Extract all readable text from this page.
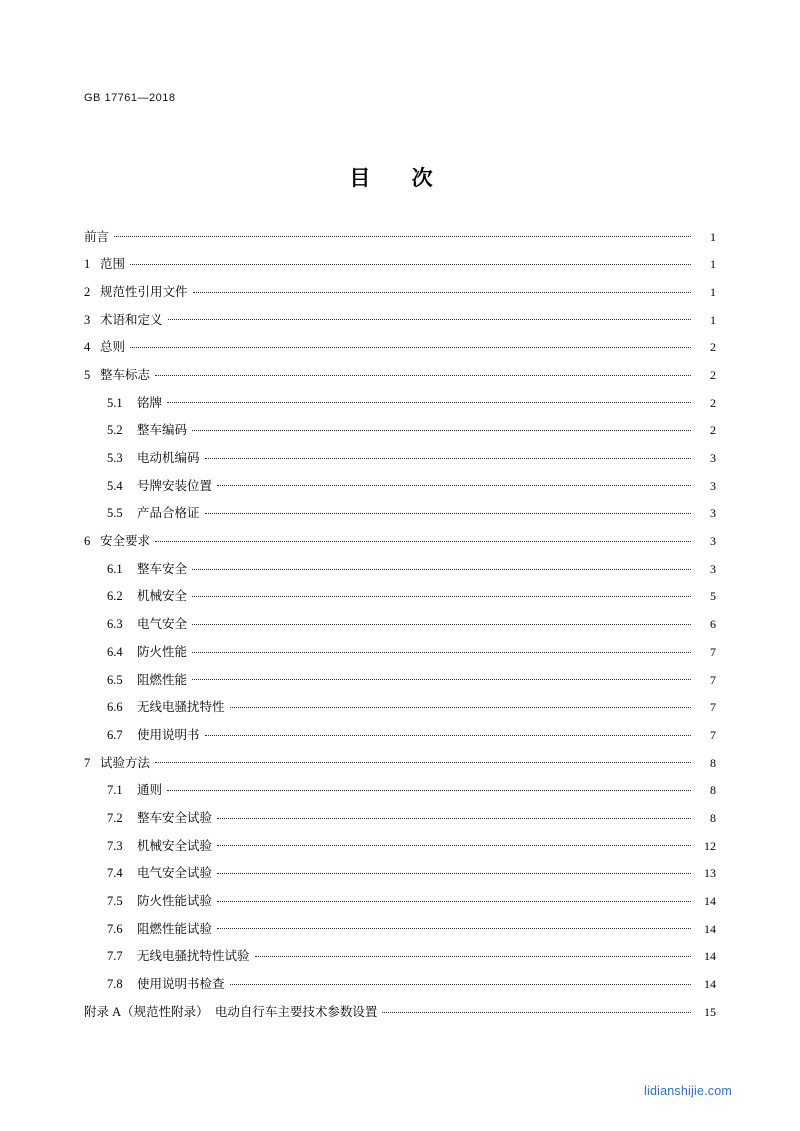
GB 17761—2018
目 次
前言	1
1 范围	1
2 规范性引用文件	1
3 术语和定义	1
4 总则	2
5 整车标志	2
5.1	铭牌	2
5.2	整车编码	2
5.3	电动机编码	3
5.4	号牌安装位置	3
5.5	产品合格证	3
6 安全要求	3
6.1	整车安全	3
6.2	机械安全	5
6.3	电气安全	6
6.4	防火性能	7
6.5	阻燃性能	7
6.6	无线电骚扰特性	7
6.7	使用说明书	7
7 试验方法	8
7.1	通则	8
7.2	整车安全试验	8
7.3	机械安全试验	12
7.4	电气安全试验	13
7.5	防火性能试验	14
7.6	阻燃性能试验	14
7.7	无线电骚扰特性试验	14
7.8	使用说明书检查	14
附录 A（规范性附录）  电动自行车主要技术参数设置	15
lidianshijie.com
